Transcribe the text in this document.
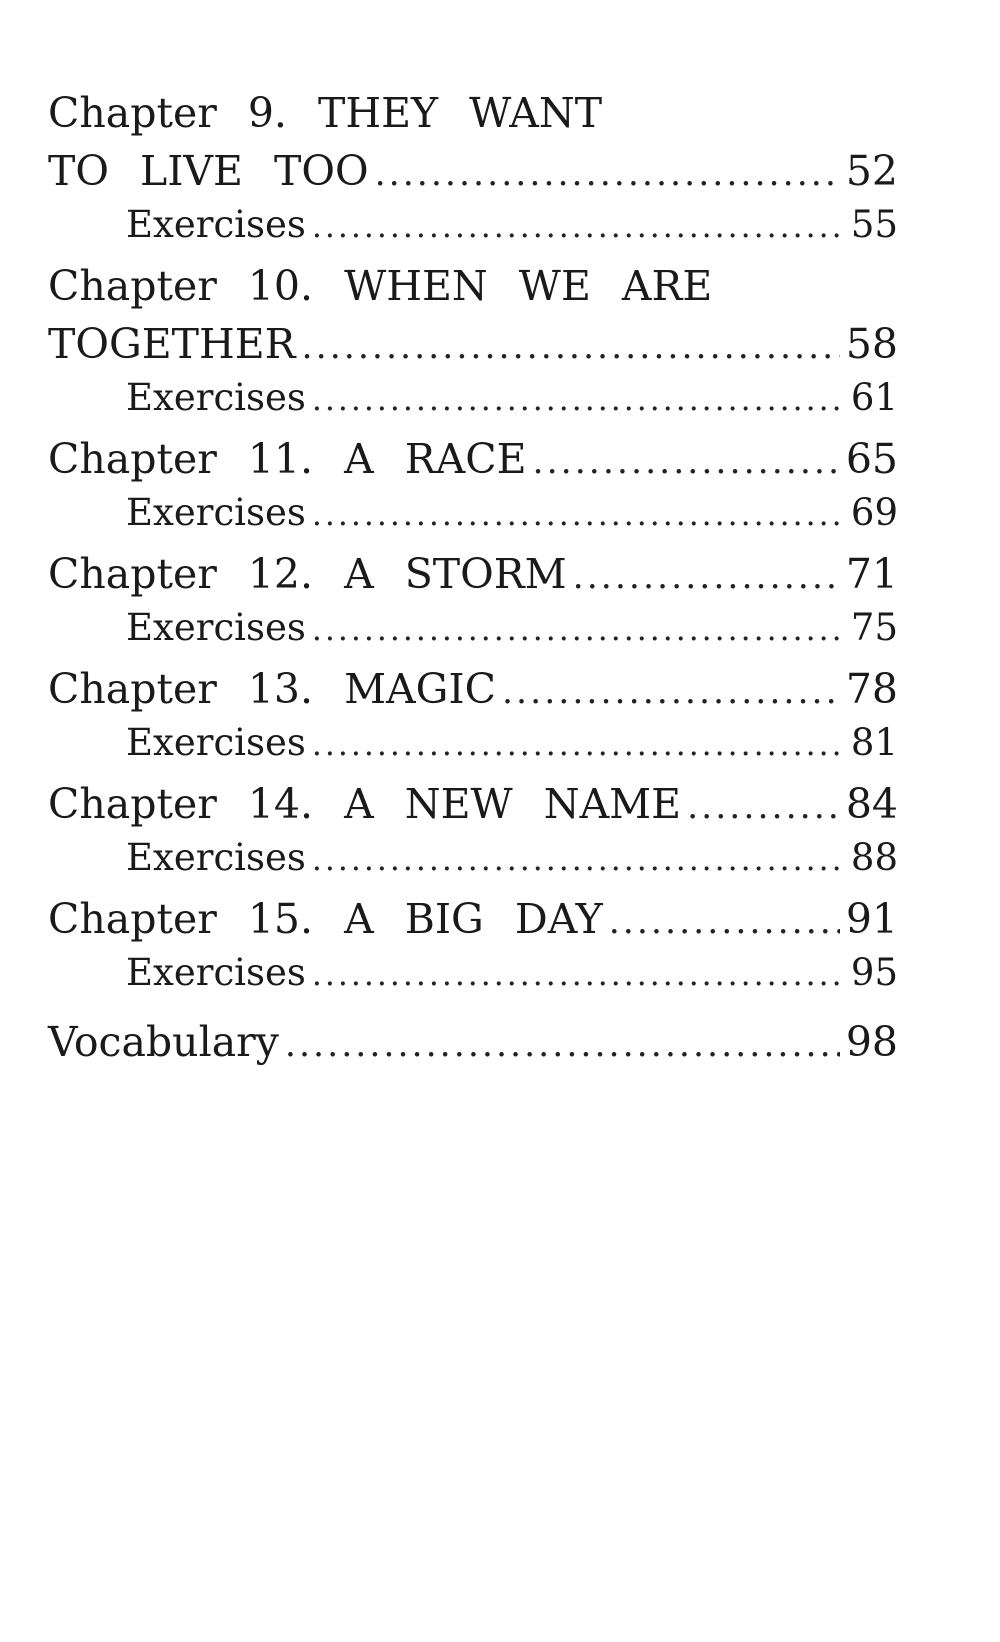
Chapter 9. THEY WANT
TO LIVE TOO .....	52
Exercises .....	55
Chapter 10. WHEN WE ARE
TOGETHER .....	58
Exercises .....	61
Chapter 11. A RACE .....	65
Exercises .....	69
Chapter 12. A STORM .....	71
Exercises .....	75
Chapter 13. MAGIC .....	78
Exercises .....	81
Chapter 14. A NEW NAME .....	84
Exercises .....	88
Chapter 15. A BIG DAY .....	91
Exercises .....	95
Vocabulary .....	98
